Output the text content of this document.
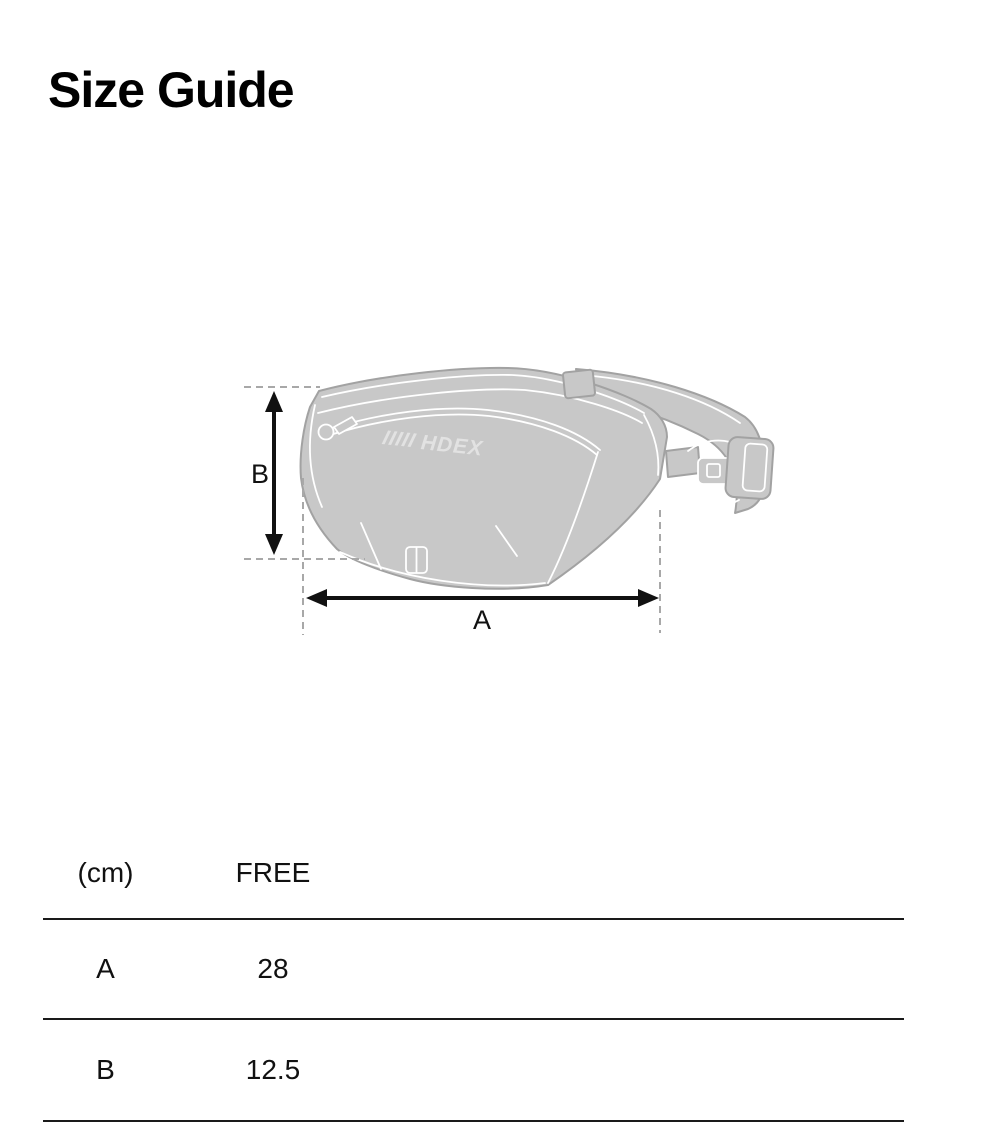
Size Guide
HDEX
B
A
(cm)	FREE
A	28
B	12.5
